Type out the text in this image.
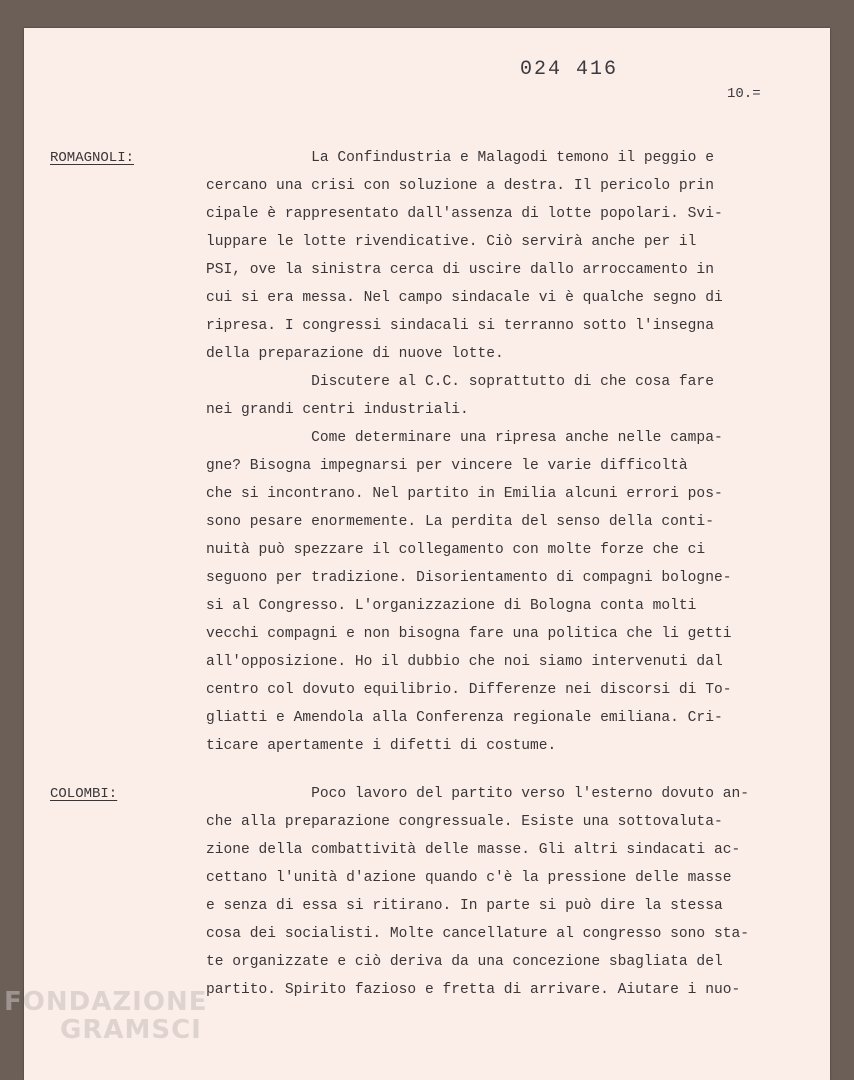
024 416
10.=
ROMAGNOLI:	La Confindustria e Malagodi temono il peggio e
cercano una crisi con soluzione a destra. Il pericolo prin
cipale è rappresentato dall'assenza di lotte popolari. Svi-
luppare le lotte rivendicative. Ciò servirà anche per il
PSI, ove la sinistra cerca di uscire dallo arroccamento in
cui si era messa. Nel campo sindacale vi è qualche segno di
ripresa. I congressi sindacali si terranno sotto l'insegna
della preparazione di nuove lotte.
Discutere al C.C. soprattutto di che cosa fare
nei grandi centri industriali.
Come determinare una ripresa anche nelle campa-
gne? Bisogna impegnarsi per vincere le varie difficoltà
che si incontrano. Nel partito in Emilia alcuni errori pos-
sono pesare enormemente. La perdita del senso della conti-
nuità può spezzare il collegamento con molte forze che ci
seguono per tradizione. Disorientamento di compagni bologne-
si al Congresso. L'organizzazione di Bologna conta molti
vecchi compagni e non bisogna fare una politica che li getti
all'opposizione. Ho il dubbio che noi siamo intervenuti dal
centro col dovuto equilibrio. Differenze nei discorsi di To-
gliatti e Amendola alla Conferenza regionale emiliana. Cri-
ticare apertamente i difetti di costume.
COLOMBI:	Poco lavoro del partito verso l'esterno dovuto an-
che alla preparazione congressuale. Esiste una sottovaluta-
zione della combattività delle masse. Gli altri sindacati ac-
cettano l'unità d'azione quando c'è la pressione delle masse
e senza di essa si ritirano. In parte si può dire la stessa
cosa dei socialisti. Molte cancellature al congresso sono sta-
te organizzate e ciò deriva da una concezione sbagliata del
partito. Spirito fazioso e fretta di arrivare. Aiutare i nuo-
FONDAZIONE
GRAMSCI
